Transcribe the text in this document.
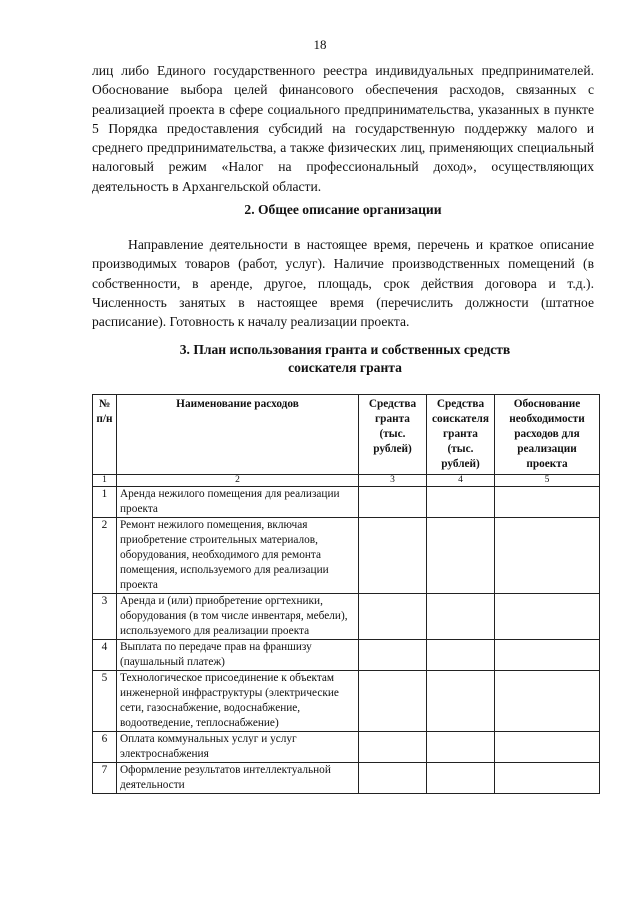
18

лиц либо Единого государственного реестра индивидуальных предпринимателей. Обоснование выбора целей финансового обеспечения расходов, связанных с реализацией проекта в сфере социального предпринимательства, указанных в пункте 5 Порядка предоставления субсидий на государственную поддержку малого и среднего предпринимательства, а также физических лиц, применяющих специальный налоговый режим «Налог на профессиональный доход», осуществляющих деятельность в Архангельской области.

2. Общее описание организации

Направление деятельности в настоящее время, перечень и краткое описание производимых товаров (работ, услуг). Наличие производственных помещений (в собственности, в аренде, другое, площадь, срок действия договора и т.д.). Численность занятых в настоящее время (перечислить должности (штатное расписание). Готовность к началу реализации проекта.

3. План использования гранта и собственных средств
соискателя гранта
№ п/н	Наименование расходов	Средства гранта (тыс. рублей)	Средства соискателя гранта (тыс. рублей)	Обоснование необходимости расходов для реализации проекта
1	2	3	4	5
1	Аренда нежилого помещения для реализации проекта			
2	Ремонт нежилого помещения, включая приобретение строительных материалов, оборудования, необходимого для ремонта помещения, используемого для реализации проекта			
3	Аренда и (или) приобретение оргтехники, оборудования (в том числе инвентаря, мебели), используемого для реализации проекта			
4	Выплата по передаче прав на франшизу (паушальный платеж)			
5	Технологическое присоединение к объектам инженерной инфраструктуры (электрические сети, газоснабжение, водоснабжение, водоотведение, теплоснабжение)			
6	Оплата коммунальных услуг и услуг электроснабжения			
7	Оформление результатов интеллектуальной деятельности			
